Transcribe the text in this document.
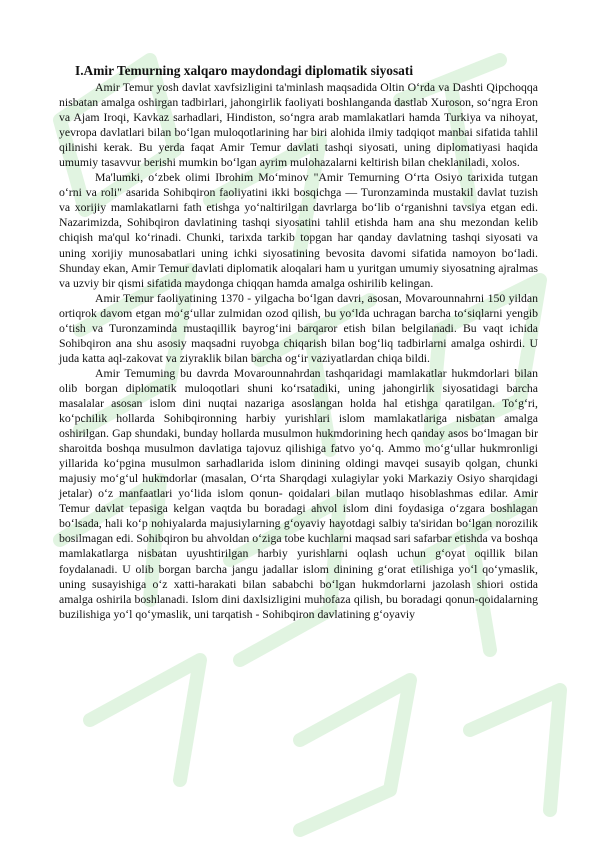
I.Amir Temurning xalqaro maydondagi diplomatik siyosati

Amir Temur yosh davlat xavfsizligini ta'minlash maqsadida Oltin O‘rda va Dashti Qipchoqqa nisbatan amalga oshirgan tadbirlari, jahongirlik faoliyati boshlanganda dastlab Xuroson, so‘ngra Eron va Ajam Iroqi, Kavkaz sarhadlari, Hindiston, so‘ngra arab mamlakatlari hamda Turkiya va nihoyat, yevropa davlatlari bilan bo‘lgan muloqotlarining har biri alohida ilmiy tadqiqot manbai sifatida tahlil qilinishi kerak. Bu yerda faqat Amir Temur davlati tashqi siyosati, uning diplomatiyasi haqida umumiy tasavvur berishi mumkin bo‘lgan ayrim mulohazalarni keltirish bilan cheklaniladi, xolos.

Ma'lumki, o‘zbek olimi Ibrohim Mo‘minov "Amir Temurning O‘rta Osiyo tarixida tutgan o‘rni va roli" asarida Sohibqiron faoliyatini ikki bosqichga — Turonzaminda mustakil davlat tuzish va xorijiy mamlakatlarni fath etishga yo‘naltirilgan davrlarga bo‘lib o‘rganishni tavsiya etgan edi. Nazarimizda, Sohibqiron davlatining tashqi siyosatini tahlil etishda ham ana shu mezondan kelib chiqish ma'qul ko‘rinadi. Chunki, tarixda tarkib topgan har qanday davlatning tashqi siyosati va uning xorijiy munosabatlari uning ichki siyosatining bevosita davomi sifatida namoyon bo‘ladi. Shunday ekan, Amir Temur davlati diplomatik aloqalari ham u yuritgan umumiy siyosatning ajralmas va uzviy bir qismi sifatida maydonga chiqqan hamda amalga oshirilib kelingan.

Amir Temur faoliyatining 1370 - yilgacha bo‘lgan davri, asosan, Movarounnahrni 150 yildan ortiqrok davom etgan mo‘g‘ullar zulmidan ozod qilish, bu yo‘lda uchragan barcha to‘siqlarni yengib o‘tish va Turonzaminda mustaqillik bayrog‘ini barqaror etish bilan belgilanadi. Bu vaqt ichida Sohibqiron ana shu asosiy maqsadni ruyobga chiqarish bilan bog‘liq tadbirlarni amalga oshirdi. U juda katta aql-zakovat va ziyraklik bilan barcha og‘ir vaziyatlardan chiqa bildi.

Amir Temuming bu davrda Movarounnahrdan tashqaridagi mamlakatlar hukmdorlari bilan olib borgan diplomatik muloqotlari shuni ko‘rsatadiki, uning jahongirlik siyosatidagi barcha masalalar asosan islom dini nuqtai nazariga asoslangan holda hal etishga qaratilgan. To‘g‘ri, ko‘pchilik hollarda Sohibqironning harbiy yurishlari islom mamlakatlariga nisbatan amalga oshirilgan. Gap shundaki, bunday hollarda musulmon hukmdorining hech qanday asos bo‘lmagan bir sharoitda boshqa musulmon davlatiga tajovuz qilishiga fatvo yo‘q. Ammo mo‘g‘ullar hukmronligi yillarida ko‘pgina musulmon sarhadlarida islom dinining oldingi mavqei susayib qolgan, chunki majusiy mo‘g‘ul hukmdorlar (masalan, O‘rta Sharqdagi xulagiylar yoki Markaziy Osiyo sharqidagi jetalar) o‘z manfaatlari yo‘lida islom qonun- qoidalari bilan mutlaqo hisoblashmas edilar. Amir Temur davlat tepasiga kelgan vaqtda bu boradagi ahvol islom dini foydasiga o‘zgara boshlagan bo‘lsada, hali ko‘p nohiyalarda majusiylarning g‘oyaviy hayotdagi salbiy ta'siridan bo‘lgan norozilik bosilmagan edi. Sohibqiron bu ahvoldan o‘ziga tobe kuchlarni maqsad sari safarbar etishda va boshqa mamlakatlarga nisbatan uyushtirilgan harbiy yurishlarni oqlash uchun g‘oyat oqillik bilan foydalanadi. U olib borgan barcha jangu jadallar islom dinining g‘orat etilishiga yo‘l qo‘ymaslik, uning susayishiga o‘z xatti-harakati bilan sababchi bo‘lgan hukmdorlarni jazolash shiori ostida amalga oshirila boshlanadi. Islom dini daxlsizligini muhofaza qilish, bu boradagi qonun-qoidalarning buzilishiga yo‘l qo‘ymaslik, uni tarqatish - Sohibqiron davlatining g‘oyaviy
